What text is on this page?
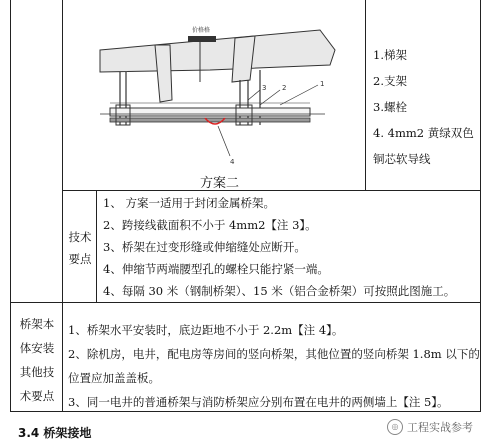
价格格
1
2
3
4
方案二
1.梯架
2.支架
3.螺栓
4. 4mm2 黄绿双色
铜芯软导线
技术
要点
1、 方案一适用于封闭金属桥架。
2、跨接线截面积不小于 4mm2【注 3】。
3、桥架在过变形缝或伸缩缝处应断开。
4、伸缩节两端腰型孔的螺栓只能拧紧一端。
4、每隔 30 米（钢制桥架）、15 米（铝合金桥架）可按照此图施工。
桥架本
体安装
其他技
术要点
1、桥架水平安装时，底边距地不小于 2.2m【注 4】。
2、除机房，电井，配电房等房间的竖向桥架，其他位置的竖向桥架 1.8m 以下的
位置应加盖盖板。
3、同一电井的普通桥架与消防桥架应分别布置在电井的两侧墙上【注 5】。
3.4 桥架接地	◎ 工程实战参考
